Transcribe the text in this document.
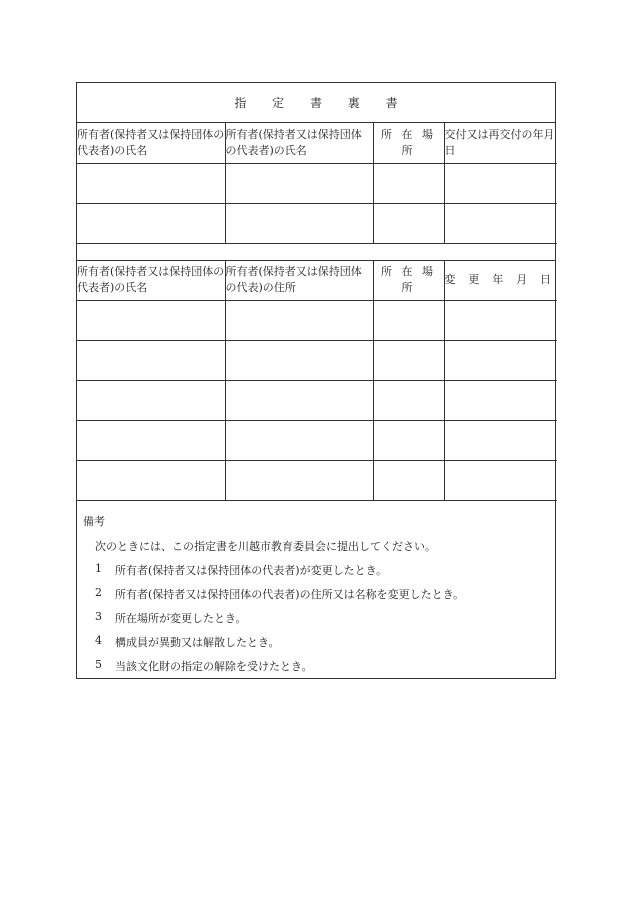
指 定 書 裏 書
所有者(保持者又は保持団体の代表者)の氏名	所有者(保持者又は保持団体の代表者)の氏名	所 在 場 所	交付又は再交付の年月日

所有者(保持者又は保持団体の代表者)の氏名	所有者(保持者又は保持団体の代表)の住所	所 在 場 所	変 更 年 月 日

備考
次のときには、この指定書を川越市教育委員会に提出してください。
1	所有者(保持者又は保持団体の代表者)が変更したとき。
2	所有者(保持者又は保持団体の代表者)の住所又は名称を変更したとき。
3	所在場所が変更したとき。
4	構成員が異動又は解散したとき。
5	当該文化財の指定の解除を受けたとき。
